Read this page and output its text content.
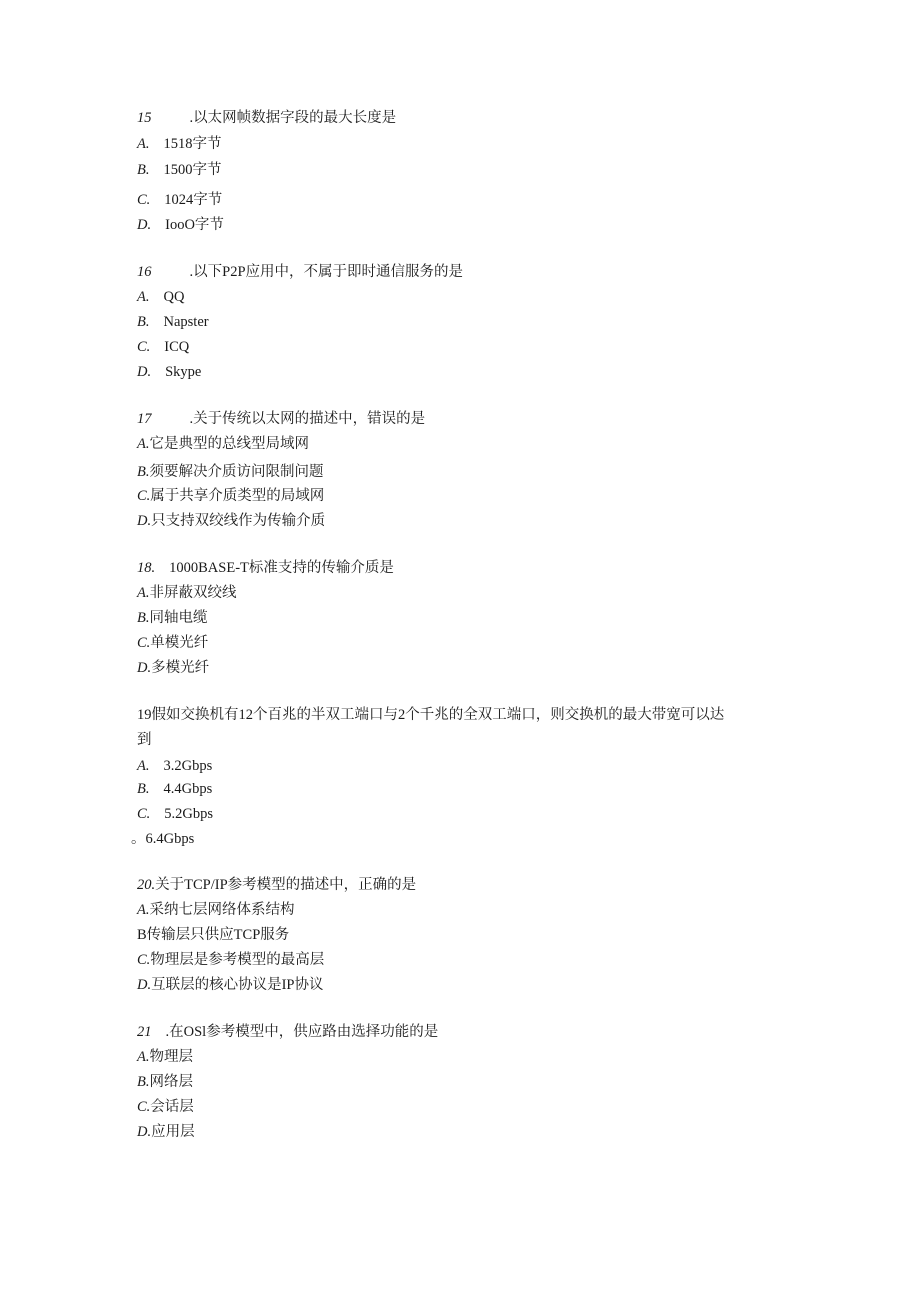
15	.以太网帧数据字段的最大长度是
A. 1518字节
B. 1500字节
C. 1024字节
D. IooO字节
16	.以下P2P应用中，不属于即时通信服务的是
A. QQ
B. Napster
C. ICQ
D. Skype
17	.关于传统以太网的描述中，错误的是
A.它是典型的总线型局域网
B.须要解决介质访问限制问题
C.属于共享介质类型的局域网
D.只支持双绞线作为传输介质
18. 1000BASE-T标准支持的传输介质是
A.非屏蔽双绞线
B.同轴电缆
C.单模光纤
D.多模光纤
19假如交换机有12个百兆的半双工端口与2个千兆的全双工端口，则交换机的最大带宽可以达
到
A. 3.2Gbps
B. 4.4Gbps
C. 5.2Gbps
。6.4Gbps
20.关于TCP/IP参考模型的描述中，正确的是
A.采纳七层网络体系结构
B传输层只供应TCP服务
C.物理层是参考模型的最高层
D.互联层的核心协议是IP协议
21 .在OSl参考模型中，供应路由选择功能的是
A.物理层
B.网络层
C.会话层
D.应用层
